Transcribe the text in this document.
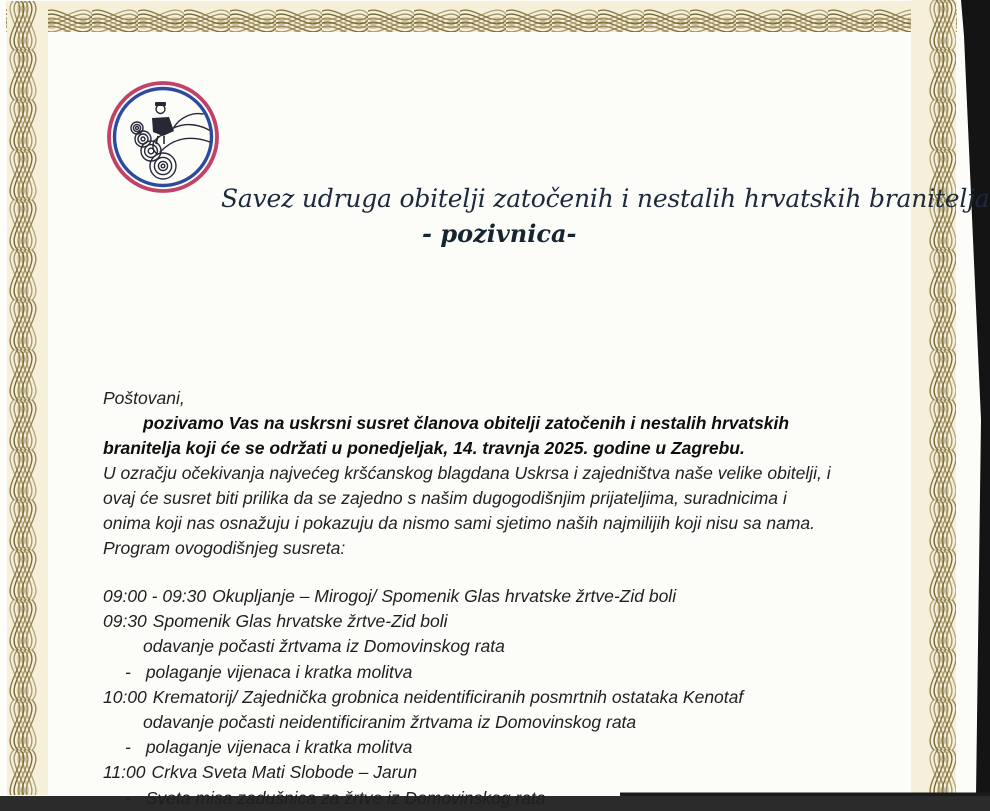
Savez udruga obitelji zatočenih i nestalih hrvatskih branitelja
- pozivnica-
Poštovani,
pozivamo Vas na uskrsni susret članova obitelji zatočenih i nestalih hrvatskih
branitelja koji će se održati u ponedjeljak, 14. travnja 2025. godine u Zagrebu.
U ozračju očekivanja najvećeg kršćanskog blagdana Uskrsa i zajedništva naše velike obitelji, i
ovaj će susret biti prilika da se zajedno s našim dugogodišnjim prijateljima, suradnicima i
onima koji nas osnažuju i pokazuju da nismo sami sjetimo naših najmilijih koji nisu sa nama.
Program ovogodišnjeg susreta:
09:00 - 09:30 Okupljanje – Mirogoj/ Spomenik Glas hrvatske žrtve-Zid boli
09:30 Spomenik Glas hrvatske žrtve-Zid boli
odavanje počasti žrtvama iz Domovinskog rata
- polaganje vijenaca i kratka molitva
10:00 Krematorij/ Zajednička grobnica neidentificiranih posmrtnih ostataka Kenotaf
odavanje počasti neidentificiranim žrtvama iz Domovinskog rata
- polaganje vijenaca i kratka molitva
11:00 Crkva Sveta Mati Slobode – Jarun
- Sveta misa zadušnica za žrtve iz Domovinskog rata
